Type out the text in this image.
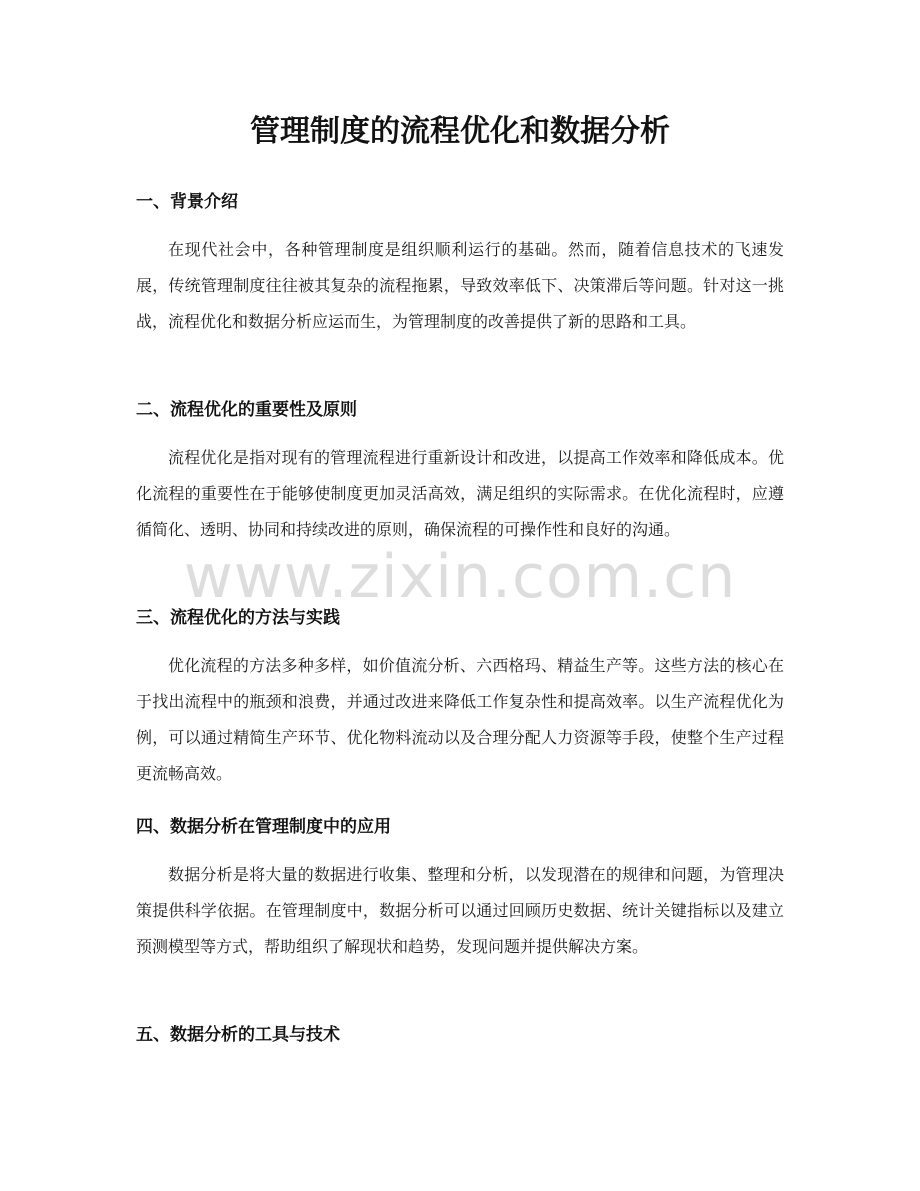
管理制度的流程优化和数据分析
一、背景介绍
在现代社会中，各种管理制度是组织顺利运行的基础。然而，随着信息技术的飞速发展，传统管理制度往往被其复杂的流程拖累，导致效率低下、决策滞后等问题。针对这一挑战，流程优化和数据分析应运而生，为管理制度的改善提供了新的思路和工具。
二、流程优化的重要性及原则
流程优化是指对现有的管理流程进行重新设计和改进，以提高工作效率和降低成本。优化流程的重要性在于能够使制度更加灵活高效，满足组织的实际需求。在优化流程时，应遵循简化、透明、协同和持续改进的原则，确保流程的可操作性和良好的沟通。
三、流程优化的方法与实践
优化流程的方法多种多样，如价值流分析、六西格玛、精益生产等。这些方法的核心在于找出流程中的瓶颈和浪费，并通过改进来降低工作复杂性和提高效率。以生产流程优化为例，可以通过精简生产环节、优化物料流动以及合理分配人力资源等手段，使整个生产过程更流畅高效。
四、数据分析在管理制度中的应用
数据分析是将大量的数据进行收集、整理和分析，以发现潜在的规律和问题，为管理决策提供科学依据。在管理制度中，数据分析可以通过回顾历史数据、统计关键指标以及建立预测模型等方式，帮助组织了解现状和趋势，发现问题并提供解决方案。
五、数据分析的工具与技术
www.zixin.com.cn
